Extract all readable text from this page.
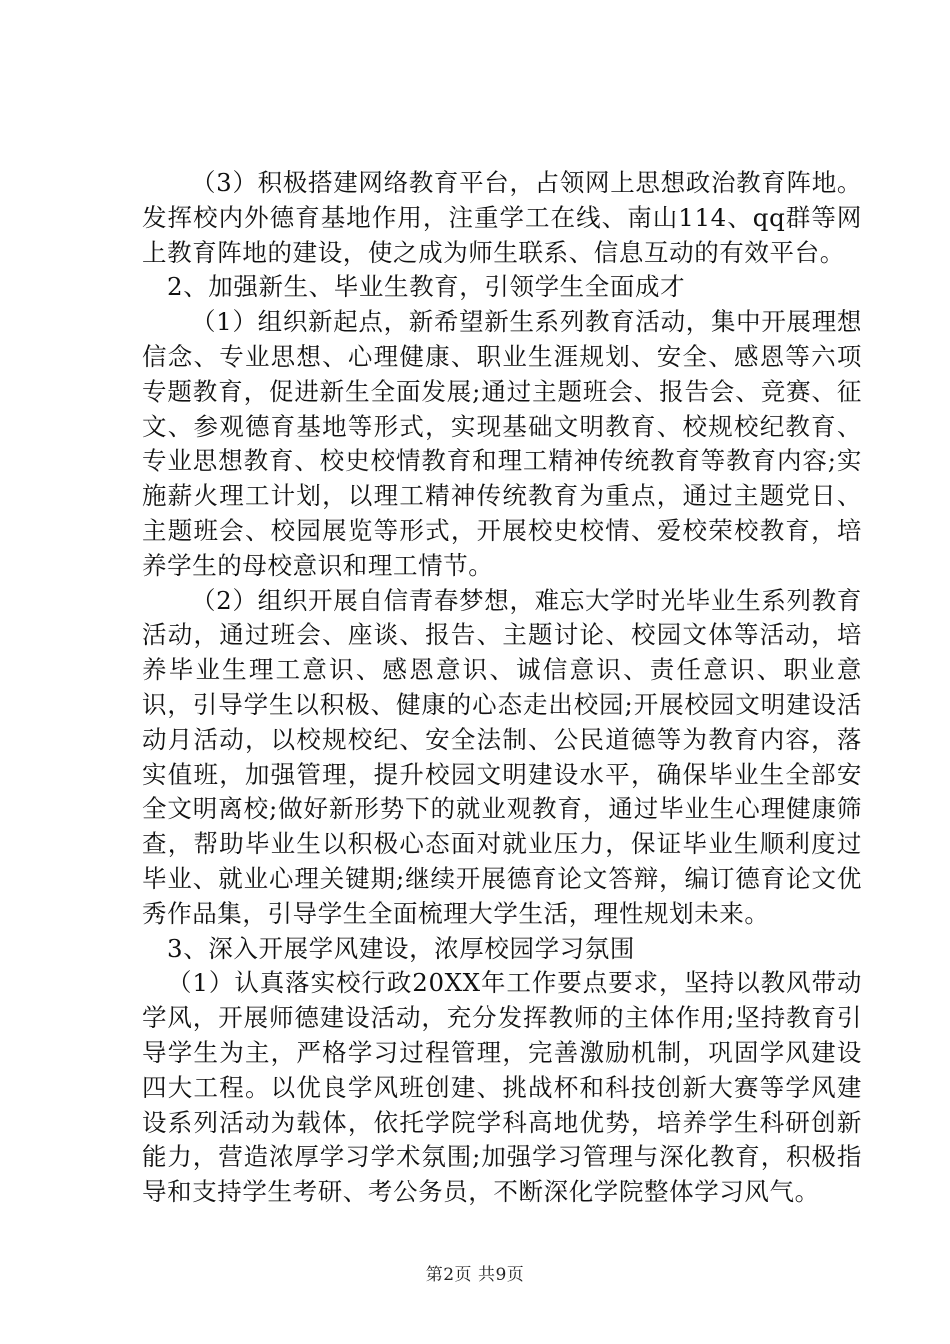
（3）积极搭建网络教育平台，占领网上思想政治教育阵地。发挥校内外德育基地作用，注重学工在线、南山114、qq群等网上教育阵地的建设，使之成为师生联系、信息互动的有效平台。

2、加强新生、毕业生教育，引领学生全面成才

（1）组织新起点，新希望新生系列教育活动，集中开展理想信念、专业思想、心理健康、职业生涯规划、安全、感恩等六项专题教育，促进新生全面发展;通过主题班会、报告会、竞赛、征文、参观德育基地等形式，实现基础文明教育、校规校纪教育、专业思想教育、校史校情教育和理工精神传统教育等教育内容;实施薪火理工计划，以理工精神传统教育为重点，通过主题党日、主题班会、校园展览等形式，开展校史校情、爱校荣校教育，培养学生的母校意识和理工情节。

（2）组织开展自信青春梦想，难忘大学时光毕业生系列教育活动，通过班会、座谈、报告、主题讨论、校园文体等活动，培养毕业生理工意识、感恩意识、诚信意识、责任意识、职业意识，引导学生以积极、健康的心态走出校园;开展校园文明建设活动月活动，以校规校纪、安全法制、公民道德等为教育内容，落实值班，加强管理，提升校园文明建设水平，确保毕业生全部安全文明离校;做好新形势下的就业观教育，通过毕业生心理健康筛查，帮助毕业生以积极心态面对就业压力，保证毕业生顺利度过毕业、就业心理关键期;继续开展德育论文答辩，编订德育论文优秀作品集，引导学生全面梳理大学生活，理性规划未来。

3、深入开展学风建设，浓厚校园学习氛围

（1）认真落实校行政20XX年工作要点要求，坚持以教风带动学风，开展师德建设活动，充分发挥教师的主体作用;坚持教育引导学生为主，严格学习过程管理，完善激励机制，巩固学风建设四大工程。以优良学风班创建、挑战杯和科技创新大赛等学风建设系列活动为载体，依托学院学科高地优势，培养学生科研创新能力，营造浓厚学习学术氛围;加强学习管理与深化教育，积极指导和支持学生考研、考公务员，不断深化学院整体学习风气。

第2页 共9页
